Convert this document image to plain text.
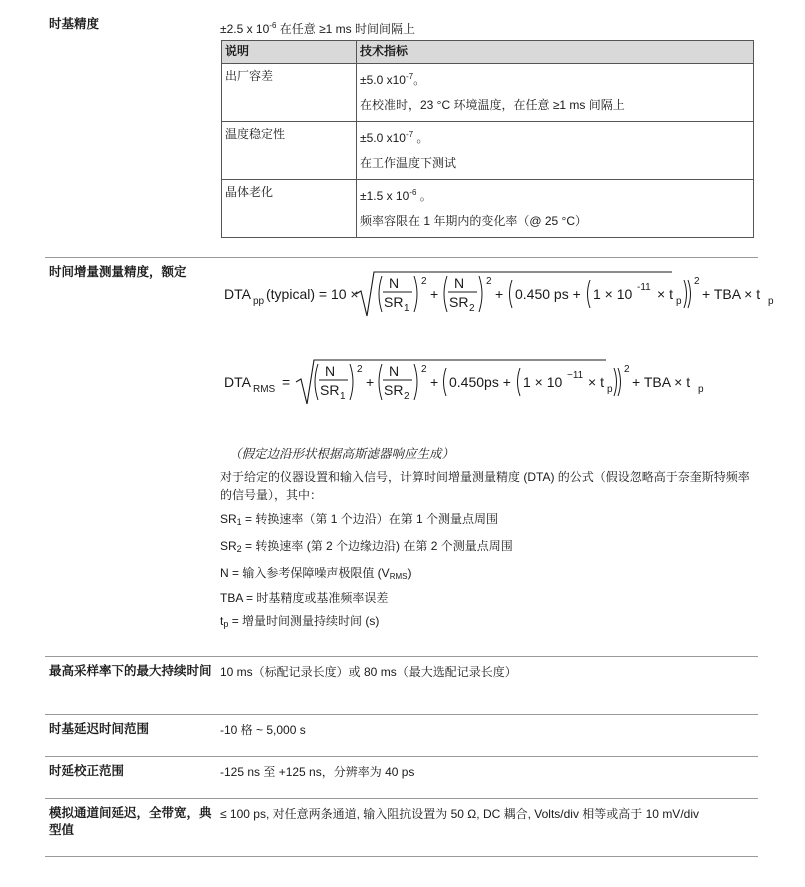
时基精度	±2.5 x $10^{-6}$ 在任意 ≥1 ms 时间间隔上
说明	技术指标
出厂容差	±5.0 $x10^{-7}$。
在校准时，23 °C 环境温度，在任意 ≥1 ms 间隔上

温度稳定性	±5.0 $x10^{-7}$ 。
在工作温度下测试

晶体老化	±1.5 x $10^{-6}$ 。
频率容限在 1 年期内的变化率（@ 25 °C）
时间增量测量精度，额定
DTA pp (typical) = 10 ×
N
SR 1
2
+
N
SR 2
2
+ 0.450 ps + 1 × 10 -11 × t p
2
+ TBA × t p
DTA RMS =
N
SR 1
2
+
N
SR 2
2
+ 0.450ps + 1 × 10 −11 × t p
2
+ TBA × t p
（假定边沿形状根据高斯滤器响应生成）
对于给定的仪器设置和输入信号，计算时间增量测量精度 (DTA) 的公式（假设忽略高于奈奎斯特频率的信号量），其中：
$SR_1$ = 转换速率（第 1 个边沿）在第 1 个测量点周围
$SR_2$ = 转换速率 (第 2 个边缘边沿) 在第 2 个测量点周围
N = 输入参考保障噪声极限值 $(V_{RMS})$
TBA = 时基精度或基准频率误差
$t_p$ = 增量时间测量持续时间 (s)
最高采样率下的最大持续时间 10 ms（标配记录长度）或 80 ms（最大选配记录长度）
时基延迟时间范围	-10 格 ~ 5,000 s
时延校正范围	-125 ns 至 +125 ns，分辨率为 40 ps
模拟通道间延迟，全带宽，典型值
≤ 100 ps, 对任意两条通道, 输入阻抗设置为 50 Ω, DC 耦合, Volts/div 相等或高于 10 mV/div
